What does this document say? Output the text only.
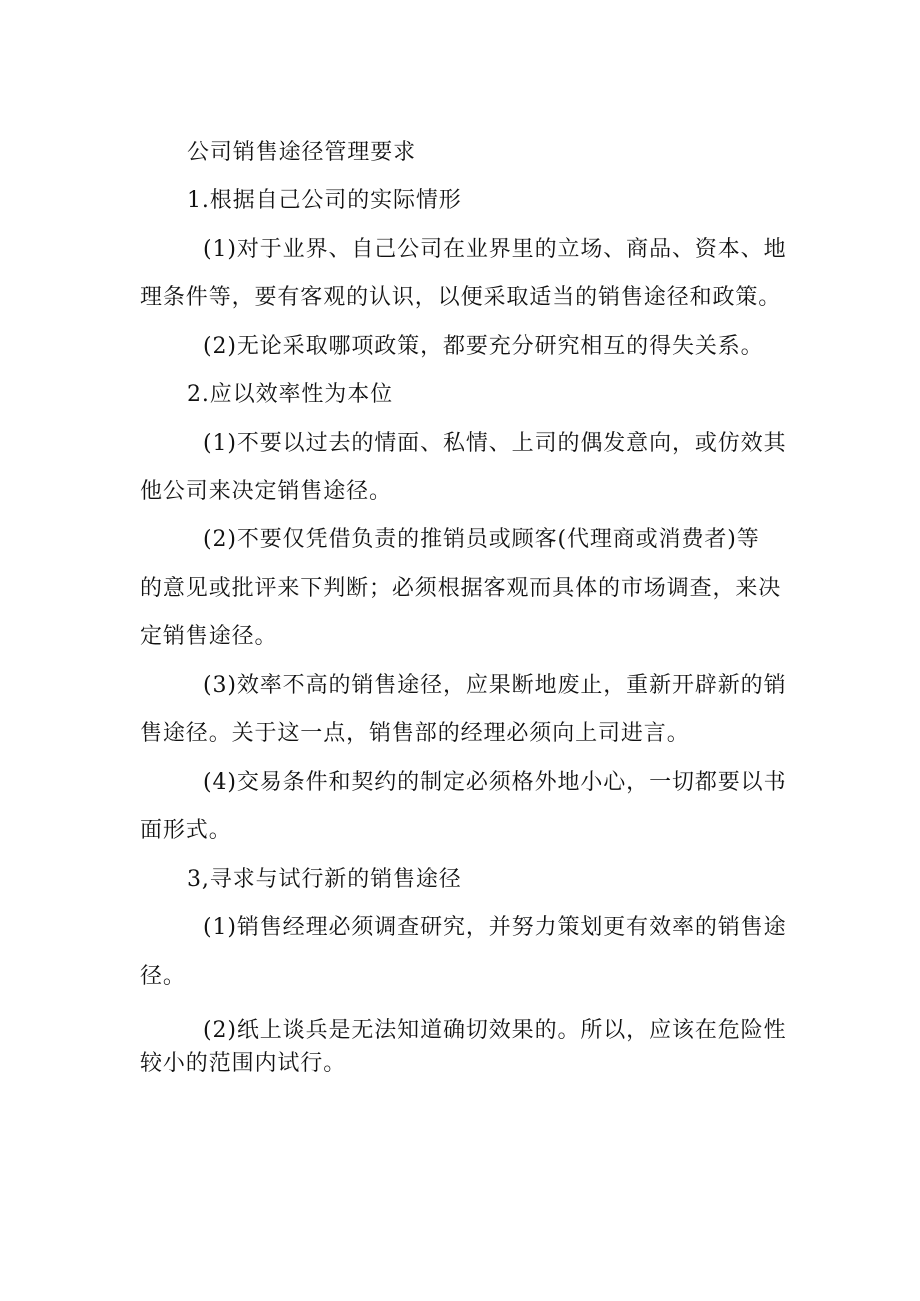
公司销售途径管理要求
1.根据自己公司的实际情形
(1)对于业界、自己公司在业界里的立场、商品、资本、地
理条件等，要有客观的认识，以便采取适当的销售途径和政策。
(2)无论采取哪项政策，都要充分研究相互的得失关系。
2.应以效率性为本位
(1)不要以过去的情面、私情、上司的偶发意向，或仿效其
他公司来决定销售途径。
(2)不要仅凭借负责的推销员或顾客(代理商或消费者)等
的意见或批评来下判断；必须根据客观而具体的市场调查，来决
定销售途径。
(3)效率不高的销售途径，应果断地废止，重新开辟新的销
售途径。关于这一点，销售部的经理必须向上司进言。
(4)交易条件和契约的制定必须格外地小心，一切都要以书
面形式。
3,寻求与试行新的销售途径
(1)销售经理必须调查研究，并努力策划更有效率的销售途
径。
(2)纸上谈兵是无法知道确切效果的。所以，应该在危险性
较小的范围内试行。
